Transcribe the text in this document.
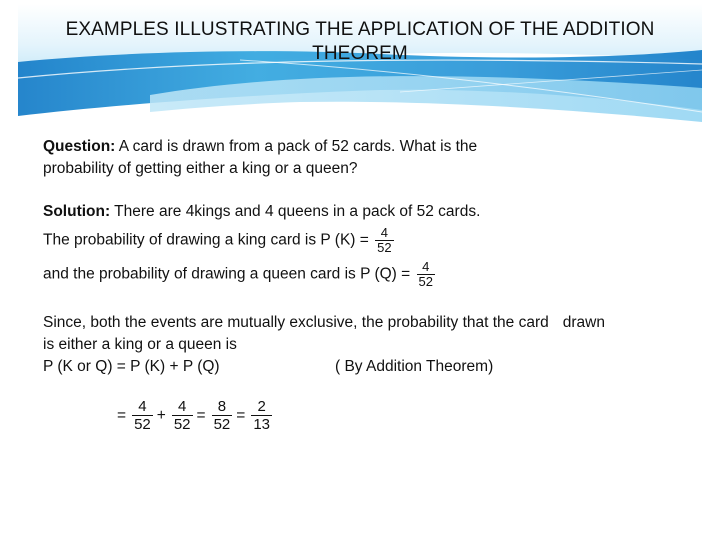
EXAMPLES ILLUSTRATING THE APPLICATION OF THE ADDITION
THEOREM
Question: A card is drawn from a pack of 52 cards. What is the
probability of getting either a king or a queen?
Solution: There are 4kings and 4 queens in a pack of 52 cards.
The probability of drawing a king card is P $(K) = \frac{4}{52}$
and the probability of drawing a queen card is P $(Q) = \frac{4}{52}$
Since, both the events are mutually exclusive, the probability that the card drawn
is either a king or a queen is
P (K or Q) = P (K) + P (Q)	( By Addition Theorem)
= $\frac{4}{52} + \frac{4}{52} = \frac{8}{52} = \frac{2}{13}$
